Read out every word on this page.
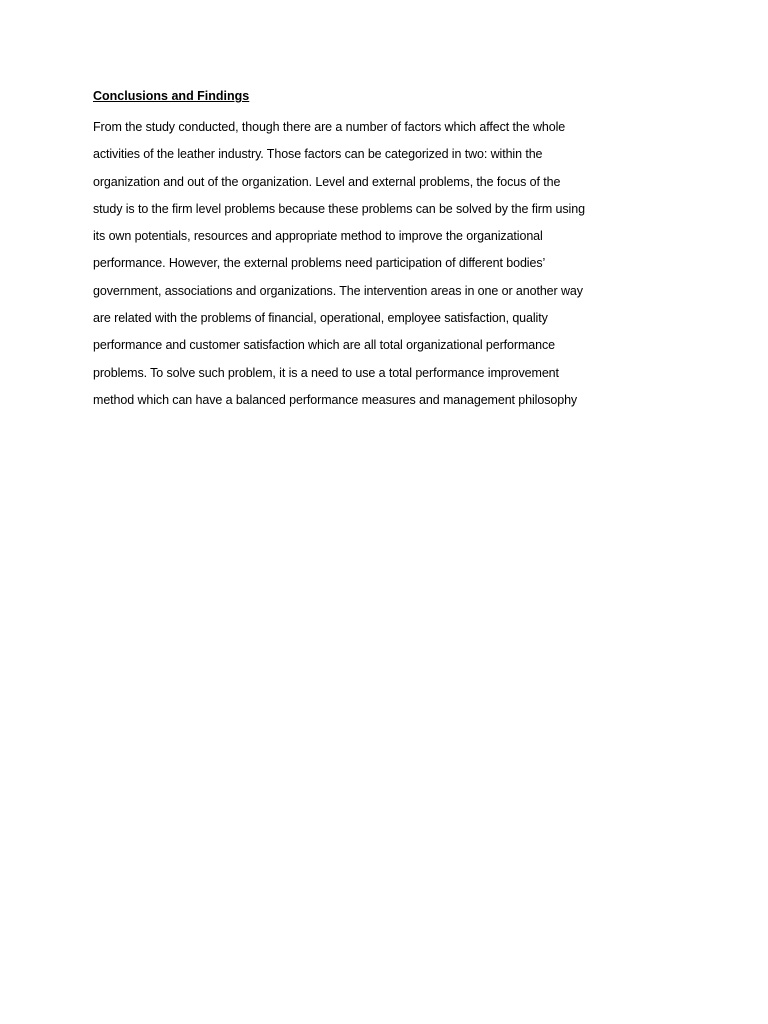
Conclusions and Findings
From the study conducted, though there are a number of factors which affect the whole
activities of the leather industry. Those factors can be categorized in two: within the
organization and out of the organization. Level and external problems, the focus of the
study is to the firm level problems because these problems can be solved by the firm using
its own potentials, resources and appropriate method to improve the organizational
performance. However, the external problems need participation of different bodies’
government, associations and organizations. The intervention areas in one or another way
are related with the problems of financial, operational, employee satisfaction, quality
performance and customer satisfaction which are all total organizational performance
problems. To solve such problem, it is a need to use a total performance improvement
method which can have a balanced performance measures and management philosophy
